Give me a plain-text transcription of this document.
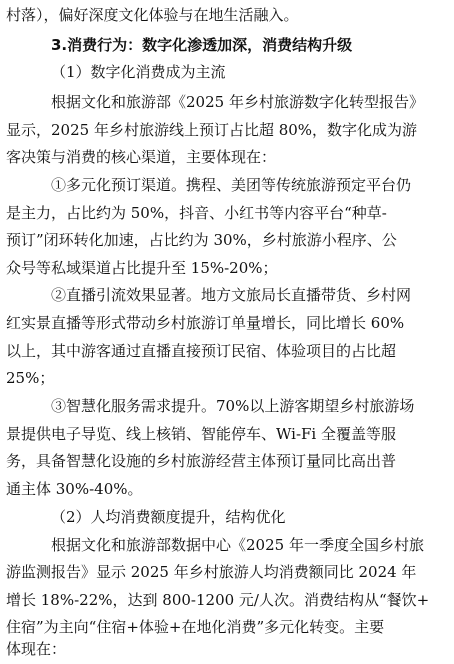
村落），偏好深度文化体验与在地生活融入。
3.消费行为：数字化渗透加深，消费结构升级
（1）数字化消费成为主流
根据文化和旅游部《2025 年乡村旅游数字化转型报告》
显示，2025 年乡村旅游线上预订占比超 80%，数字化成为游
客决策与消费的核心渠道，主要体现在：
①多元化预订渠道。携程、美团等传统旅游预定平台仍
是主力，占比约为 50%，抖音、小红书等内容平台“种草-
预订”闭环转化加速，占比约为 30%，乡村旅游小程序、公
众号等私域渠道占比提升至 15%-20%；
②直播引流效果显著。地方文旅局长直播带货、乡村网
红实景直播等形式带动乡村旅游订单量增长，同比增长 60%
以上，其中游客通过直播直接预订民宿、体验项目的占比超
25%；
③智慧化服务需求提升。70%以上游客期望乡村旅游场
景提供电子导览、线上核销、智能停车、Wi-Fi 全覆盖等服
务，具备智慧化设施的乡村旅游经营主体预订量同比高出普
通主体 30%-40%。
（2）人均消费额度提升，结构优化
根据文化和旅游部数据中心《2025 年一季度全国乡村旅
游监测报告》显示 2025 年乡村旅游人均消费额同比 2024 年
增长 18%-22%，达到 800-1200 元/人次。消费结构从“餐饮+
住宿”为主向“住宿+体验+在地化消费”多元化转变。主要
体现在：
